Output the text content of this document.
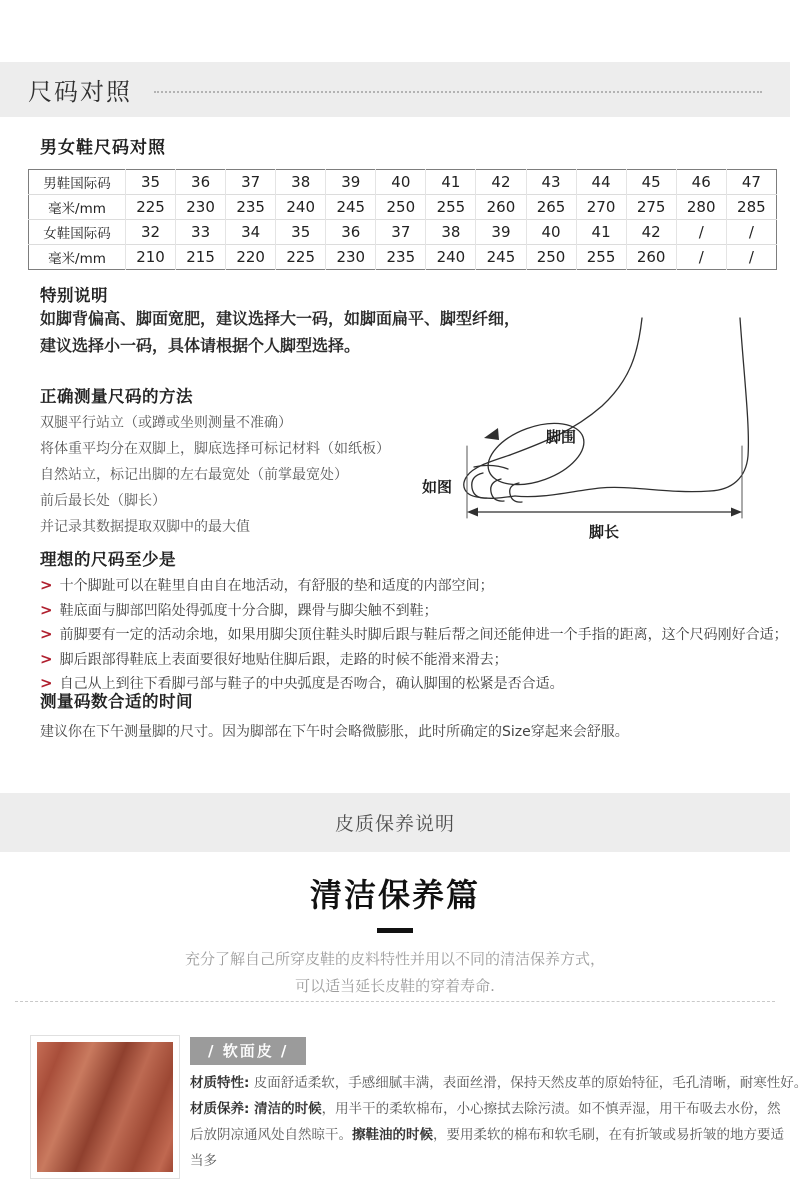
尺码对照
男女鞋尺码对照
男鞋国际码	35	36	37	38	39	40	41	42	43	44	45	46	47
毫米/mm	225	230	235	240	245	250	255	260	265	270	275	280	285
女鞋国际码	32	33	34	35	36	37	38	39	40	41	42	/	/
毫米/mm	210	215	220	225	230	235	240	245	250	255	260	/	/
特别说明
如脚背偏高、脚面宽肥，建议选择大一码，如脚面扁平、脚型纤细，
建议选择小一码，具体请根据个人脚型选择。
正确测量尺码的方法
双腿平行站立（或蹲或坐则测量不准确）
将体重平均分在双脚上，脚底选择可标记材料（如纸板）
自然站立，标记出脚的左右最宽处（前掌最宽处）
前后最长处（脚长）
并记录其数据提取双脚中的最大值
脚围
如图
脚长
理想的尺码至少是
> 十个脚趾可以在鞋里自由自在地活动，有舒服的垫和适度的内部空间；
> 鞋底面与脚部凹陷处得弧度十分合脚，踝骨与脚尖触不到鞋；
> 前脚要有一定的活动余地，如果用脚尖顶住鞋头时脚后跟与鞋后帮之间还能伸进一个手指的距离，这个尺码刚好合适；
> 脚后跟部得鞋底上表面要很好地贴住脚后跟，走路的时候不能滑来滑去；
> 自己从上到往下看脚弓部与鞋子的中央弧度是否吻合，确认脚围的松紧是否合适。
测量码数合适的时间
建议你在下午测量脚的尺寸。因为脚部在下午时会略微膨胀，此时所确定的Size穿起来会舒服。
皮质保养说明
清洁保养篇
充分了解自己所穿皮鞋的皮料特性并用以不同的清洁保养方式，
可以适当延长皮鞋的穿着寿命.
/ 软面皮 /
材质特性: 皮面舒适柔软，手感细腻丰满，表面丝滑，保持天然皮革的原始特征，毛孔清晰，耐寒性好。
材质保养: 清洁的时候，用半干的柔软棉布，小心擦拭去除污渍。如不慎弄湿，用干布吸去水份，然后放阴凉通风处自然晾干。擦鞋油的时候，要用柔软的棉布和软毛刷，在有折皱或易折皱的地方要适当多
